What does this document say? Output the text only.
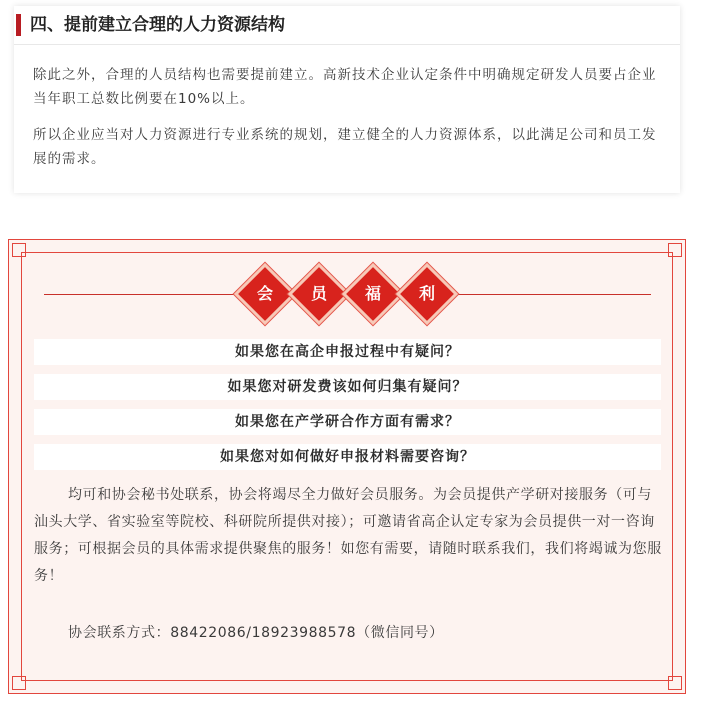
四、提前建立合理的人力资源结构
除此之外，合理的人员结构也需要提前建立。高新技术企业认定条件中明确规定研发人员要占企业当年职工总数比例要在10%以上。
所以企业应当对人力资源进行专业系统的规划，建立健全的人力资源体系，以此满足公司和员工发展的需求。
会	员	福	利
如果您在高企申报过程中有疑问？
如果您对研发费该如何归集有疑问？
如果您在产学研合作方面有需求？
如果您对如何做好申报材料需要咨询？
均可和协会秘书处联系，协会将竭尽全力做好会员服务。为会员提供产学研对接服务（可与汕头大学、省实验室等院校、科研院所提供对接）；可邀请省高企认定专家为会员提供一对一咨询服务；可根据会员的具体需求提供聚焦的服务！如您有需要，请随时联系我们，我们将竭诚为您服务！
协会联系方式：88422086/18923988578（微信同号）
